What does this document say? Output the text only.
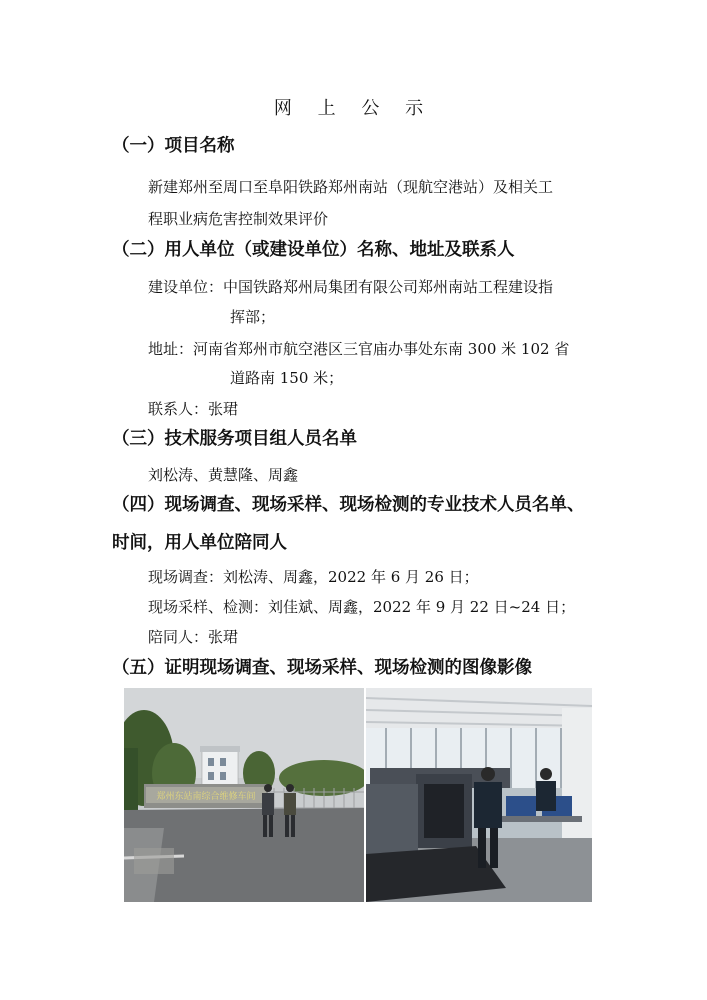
网 上 公 示
（一）项目名称
新建郑州至周口至阜阳铁路郑州南站（现航空港站）及相关工
程职业病危害控制效果评价
（二）用人单位（或建设单位）名称、地址及联系人
建设单位：中国铁路郑州局集团有限公司郑州南站工程建设指
挥部；
地址：河南省郑州市航空港区三官庙办事处东南 300 米 102 省
道路南 150 米；
联系人：张珺
（三）技术服务项目组人员名单
刘松涛、黄慧隆、周鑫
（四）现场调查、现场采样、现场检测的专业技术人员名单、
时间，用人单位陪同人
现场调查：刘松涛、周鑫，2022 年 6 月 26 日；
现场采样、检测：刘佳斌、周鑫，2022 年 9 月 22 日~24 日；
陪同人：张珺
（五）证明现场调查、现场采样、现场检测的图像影像
郑州东站南综合维修车间
